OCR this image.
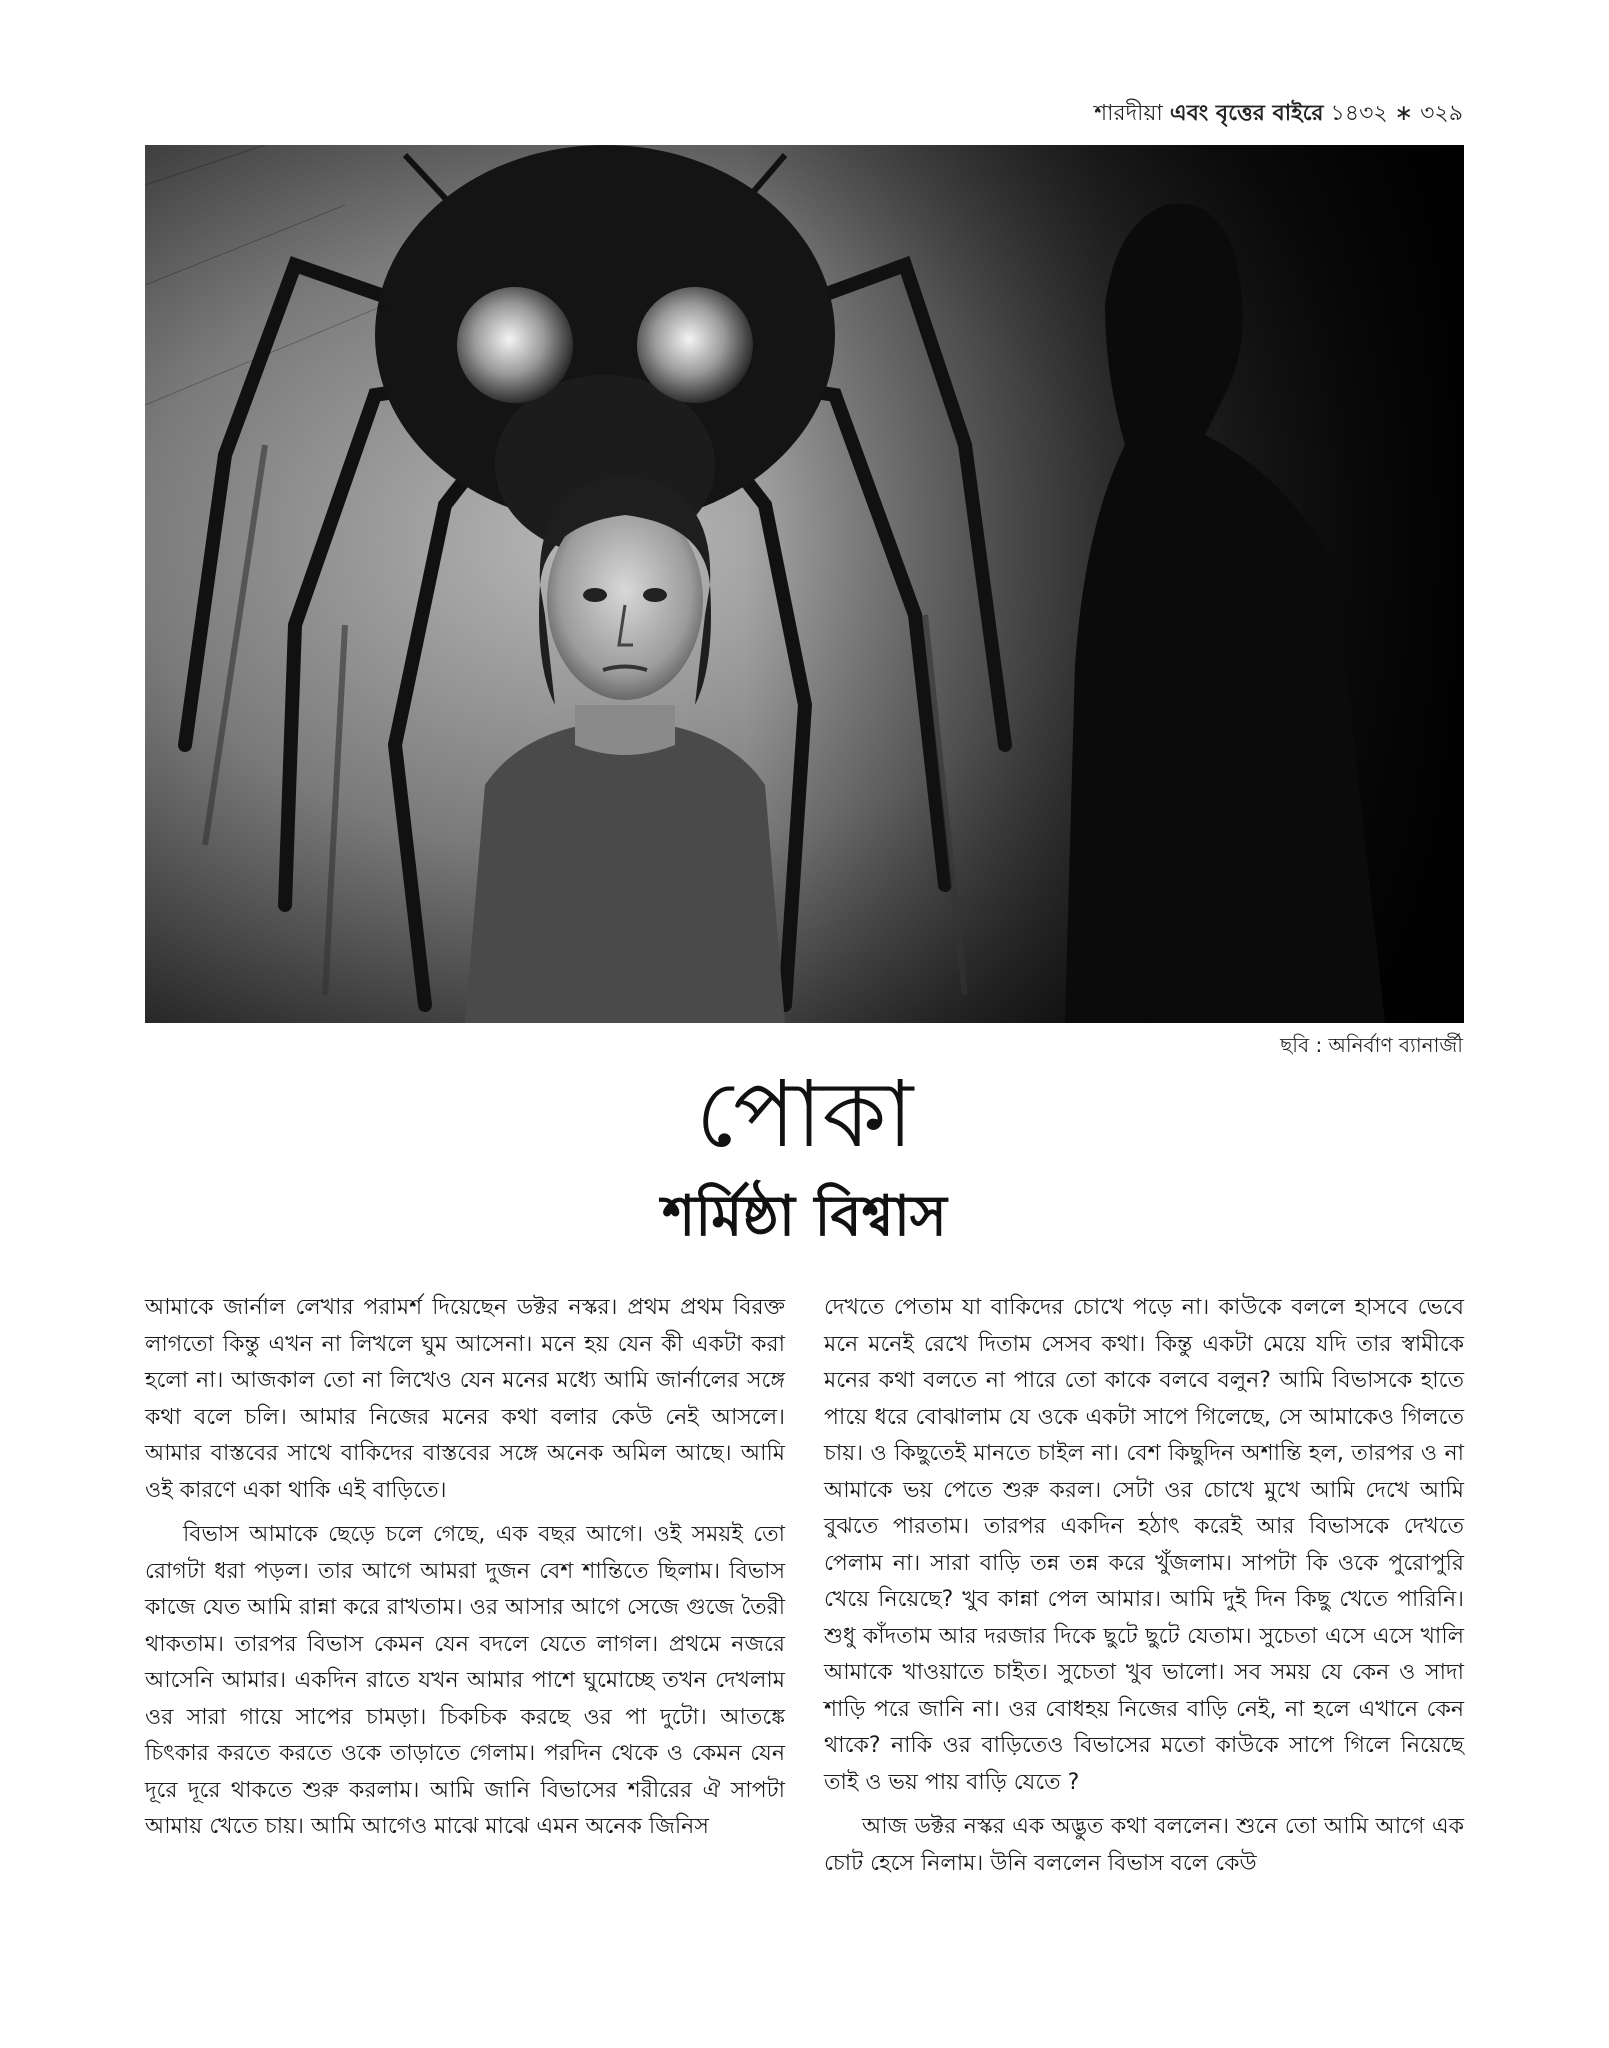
শারদীয়া এবং বৃত্তের বাইরে ১৪৩২ ∗ ৩২৯
ছবি : অনির্বাণ ব্যানার্জী
পোকা
শর্মিষ্ঠা বিশ্বাস

আমাকে জার্নাল লেখার পরামর্শ দিয়েছেন ডক্টর নস্কর। প্রথম প্রথম বিরক্ত লাগতো কিন্তু এখন না লিখলে ঘুম আসেনা। মনে হয় যেন কী একটা করা হলো না। আজকাল তো না লিখেও যেন মনের মধ্যে আমি জার্নালের সঙ্গে কথা বলে চলি। আমার নিজের মনের কথা বলার কেউ নেই আসলে। আমার বাস্তবের সাথে বাকিদের বাস্তবের সঙ্গে অনেক অমিল আছে। আমি ওই কারণে একা থাকি এই বাড়িতে।

বিভাস আমাকে ছেড়ে চলে গেছে, এক বছর আগে। ওই সময়ই তো রোগটা ধরা পড়ল। তার আগে আমরা দুজন বেশ শান্তিতে ছিলাম। বিভাস কাজে যেত আমি রান্না করে রাখতাম। ওর আসার আগে সেজে গুজে তৈরী থাকতাম। তারপর বিভাস কেমন যেন বদলে যেতে লাগল। প্রথমে নজরে আসেনি আমার। একদিন রাতে যখন আমার পাশে ঘুমোচ্ছে তখন দেখলাম ওর সারা গায়ে সাপের চামড়া। চিকচিক করছে ওর পা দুটো। আতঙ্কে চিৎকার করতে করতে ওকে তাড়াতে গেলাম। পরদিন থেকে ও কেমন যেন দূরে দূরে থাকতে শুরু করলাম। আমি জানি বিভাসের শরীরের ঐ সাপটা আমায় খেতে চায়। আমি আগেও মাঝে মাঝে এমন অনেক জিনিস

দেখতে পেতাম যা বাকিদের চোখে পড়ে না। কাউকে বললে হাসবে ভেবে মনে মনেই রেখে দিতাম সেসব কথা। কিন্তু একটা মেয়ে যদি তার স্বামীকে মনের কথা বলতে না পারে তো কাকে বলবে বলুন? আমি বিভাসকে হাতে পায়ে ধরে বোঝালাম যে ওকে একটা সাপে গিলেছে, সে আমাকেও গিলতে চায়। ও কিছুতেই মানতে চাইল না। বেশ কিছুদিন অশান্তি হল, তারপর ও না আমাকে ভয় পেতে শুরু করল। সেটা ওর চোখে মুখে আমি দেখে আমি বুঝতে পারতাম। তারপর একদিন হঠাৎ করেই আর বিভাসকে দেখতে পেলাম না। সারা বাড়ি তন্ন তন্ন করে খুঁজলাম। সাপটা কি ওকে পুরোপুরি খেয়ে নিয়েছে? খুব কান্না পেল আমার। আমি দুই দিন কিছু খেতে পারিনি। শুধু কাঁদতাম আর দরজার দিকে ছুটে ছুটে যেতাম। সুচেতা এসে এসে খালি আমাকে খাওয়াতে চাইত। সুচেতা খুব ভালো। সব সময় যে কেন ও সাদা শাড়ি পরে জানি না। ওর বোধহয় নিজের বাড়ি নেই, না হলে এখানে কেন থাকে? নাকি ওর বাড়িতেও বিভাসের মতো কাউকে সাপে গিলে নিয়েছে তাই ও ভয় পায় বাড়ি যেতে ?

আজ ডক্টর নস্কর এক অদ্ভুত কথা বললেন। শুনে তো আমি আগে এক চোট হেসে নিলাম। উনি বললেন বিভাস বলে কেউ
